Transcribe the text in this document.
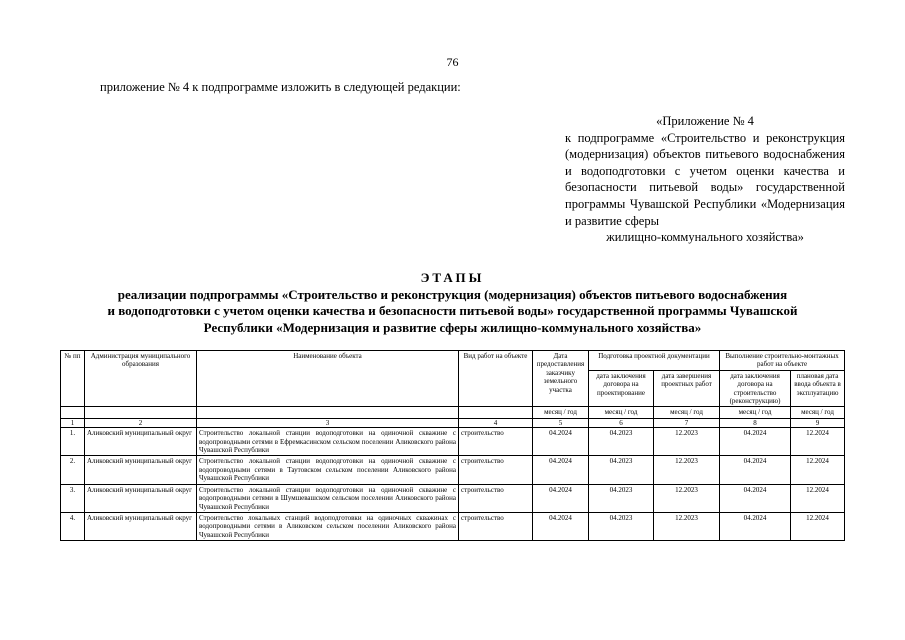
76
приложение № 4 к подпрограмме изложить в следующей редакции:
«Приложение № 4
к подпрограмме «Строительство и реконструкция (модернизация) объектов питьевого водоснабжения и водоподготовки с учетом оценки качества и безопасности питьевой воды» государственной программы Чувашской Республики «Модернизация и развитие сферы
жилищно-коммунального хозяйства»
ЭТАПЫ
реализации подпрограммы «Строительство и реконструкция (модернизация) объектов питьевого водоснабжения
и водоподготовки с учетом оценки качества и безопасности питьевой воды» государственной программы Чувашской
Республики «Модернизация и развитие сферы жилищно-коммунального хозяйства»
№ пп	Администрация муниципального образования	Наименование объекта	Вид работ на объекте	Дата предоставления заказчику земельного участка	Подготовка проектной документации		Выполнение строительно-монтажных работ на объекте	
					дата заключения договора на проектирование	дата завершения проектных работ	дата заключения договора на строительство (реконструкцию)	плановая дата ввода объекта в эксплуатацию
				месяц / год	месяц / год	месяц / год	месяц / год	месяц / год
1	2	3	4	5	6	7	8	9
1.	Аликовский муниципальный округ	Строительство локальной станции водоподготовки на одиночной скважине с водопроводными сетями в Ефремкасинском сельском поселении Аликовского района Чувашской Республики	строительство	04.2024	04.2023	12.2023	04.2024	12.2024
2.	Аликовский муниципальный округ	Строительство локальной станции водоподготовки на одиночной скважине с водопроводными сетями в Таутовском сельском поселении Аликовского района Чувашской Республики	строительство	04.2024	04.2023	12.2023	04.2024	12.2024
3.	Аликовский муниципальный округ	Строительство локальной станции водоподготовки на одиночной скважине с водопроводными сетями в Шумшевашском сельском поселении Аликовского района Чувашской Республики	строительство	04.2024	04.2023	12.2023	04.2024	12.2024
4.	Аликовский муниципальный округ	Строительство локальных станций водоподготовки на одиночных скважинах с водопроводными сетями в Аликовском сельском поселении Аликовского района Чувашской Республики	строительство	04.2024	04.2023	12.2023	04.2024	12.2024
